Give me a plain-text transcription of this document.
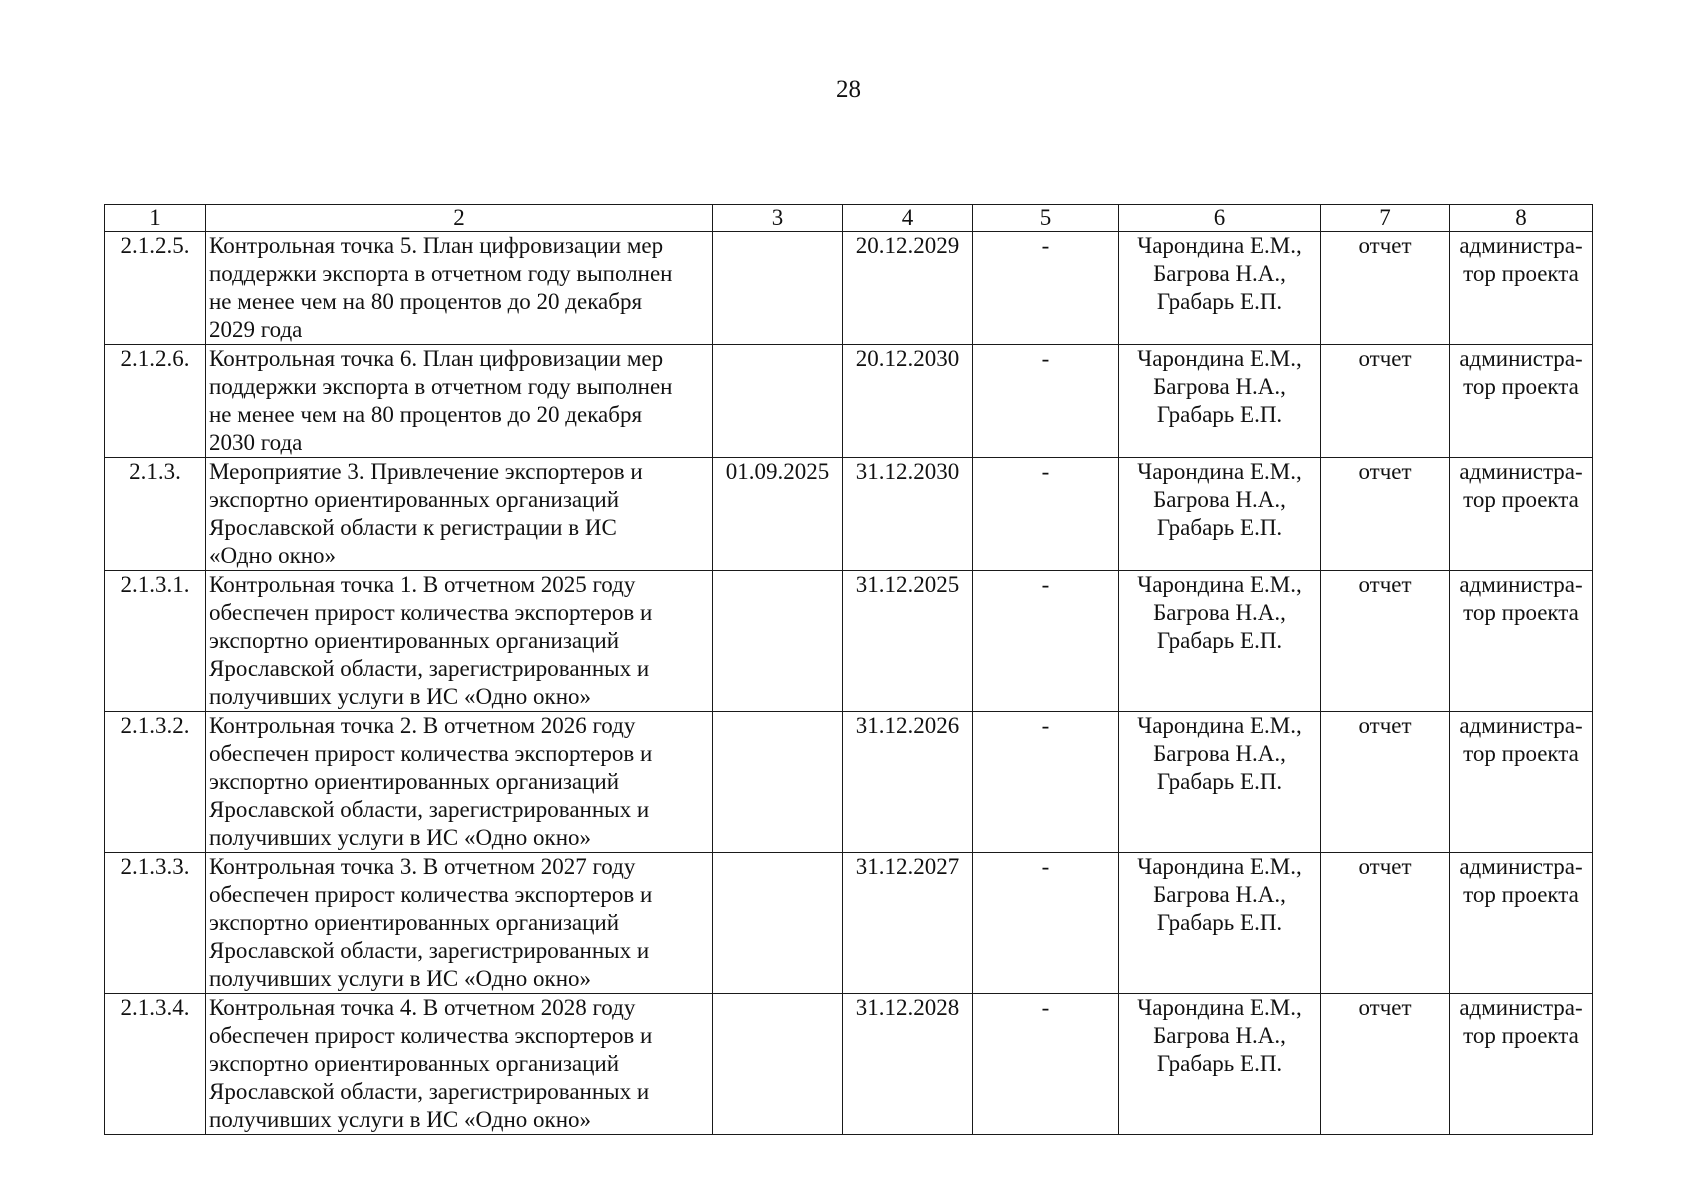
28
1	2	3	4	5	6	7	8
2.1.2.5.	Контрольная точка 5. План цифровизации мер
поддержки экспорта в отчетном году выполнен
не менее чем на 80 процентов до 20 декабря
2029 года		20.12.2029	-	Чарондина Е.М.,
Багрова Н.А.,
Грабарь Е.П.	отчет	администра-
тор проекта

2.1.2.6.	Контрольная точка 6. План цифровизации мер
поддержки экспорта в отчетном году выполнен
не менее чем на 80 процентов до 20 декабря
2030 года		20.12.2030	-	Чарондина Е.М.,
Багрова Н.А.,
Грабарь Е.П.	отчет	администра-
тор проекта

2.1.3.	Мероприятие 3. Привлечение экспортеров и
экспортно ориентированных организаций
Ярославской области к регистрации в ИС
«Одно окно»	01.09.2025	31.12.2030	-	Чарондина Е.М.,
Багрова Н.А.,
Грабарь Е.П.	отчет	администра-
тор проекта

2.1.3.1.	Контрольная точка 1. В отчетном 2025 году
обеспечен прирост количества экспортеров и
экспортно ориентированных организаций
Ярославской области, зарегистрированных и
получивших услуги в ИС «Одно окно»		31.12.2025	-	Чарондина Е.М.,
Багрова Н.А.,
Грабарь Е.П.	отчет	администра-
тор проекта

2.1.3.2.	Контрольная точка 2. В отчетном 2026 году
обеспечен прирост количества экспортеров и
экспортно ориентированных организаций
Ярославской области, зарегистрированных и
получивших услуги в ИС «Одно окно»		31.12.2026	-	Чарондина Е.М.,
Багрова Н.А.,
Грабарь Е.П.	отчет	администра-
тор проекта

2.1.3.3.	Контрольная точка 3. В отчетном 2027 году
обеспечен прирост количества экспортеров и
экспортно ориентированных организаций
Ярославской области, зарегистрированных и
получивших услуги в ИС «Одно окно»		31.12.2027	-	Чарондина Е.М.,
Багрова Н.А.,
Грабарь Е.П.	отчет	администра-
тор проекта

2.1.3.4.	Контрольная точка 4. В отчетном 2028 году
обеспечен прирост количества экспортеров и
экспортно ориентированных организаций
Ярославской области, зарегистрированных и
получивших услуги в ИС «Одно окно»		31.12.2028	-	Чарондина Е.М.,
Багрова Н.А.,
Грабарь Е.П.	отчет	администра-
тор проекта
